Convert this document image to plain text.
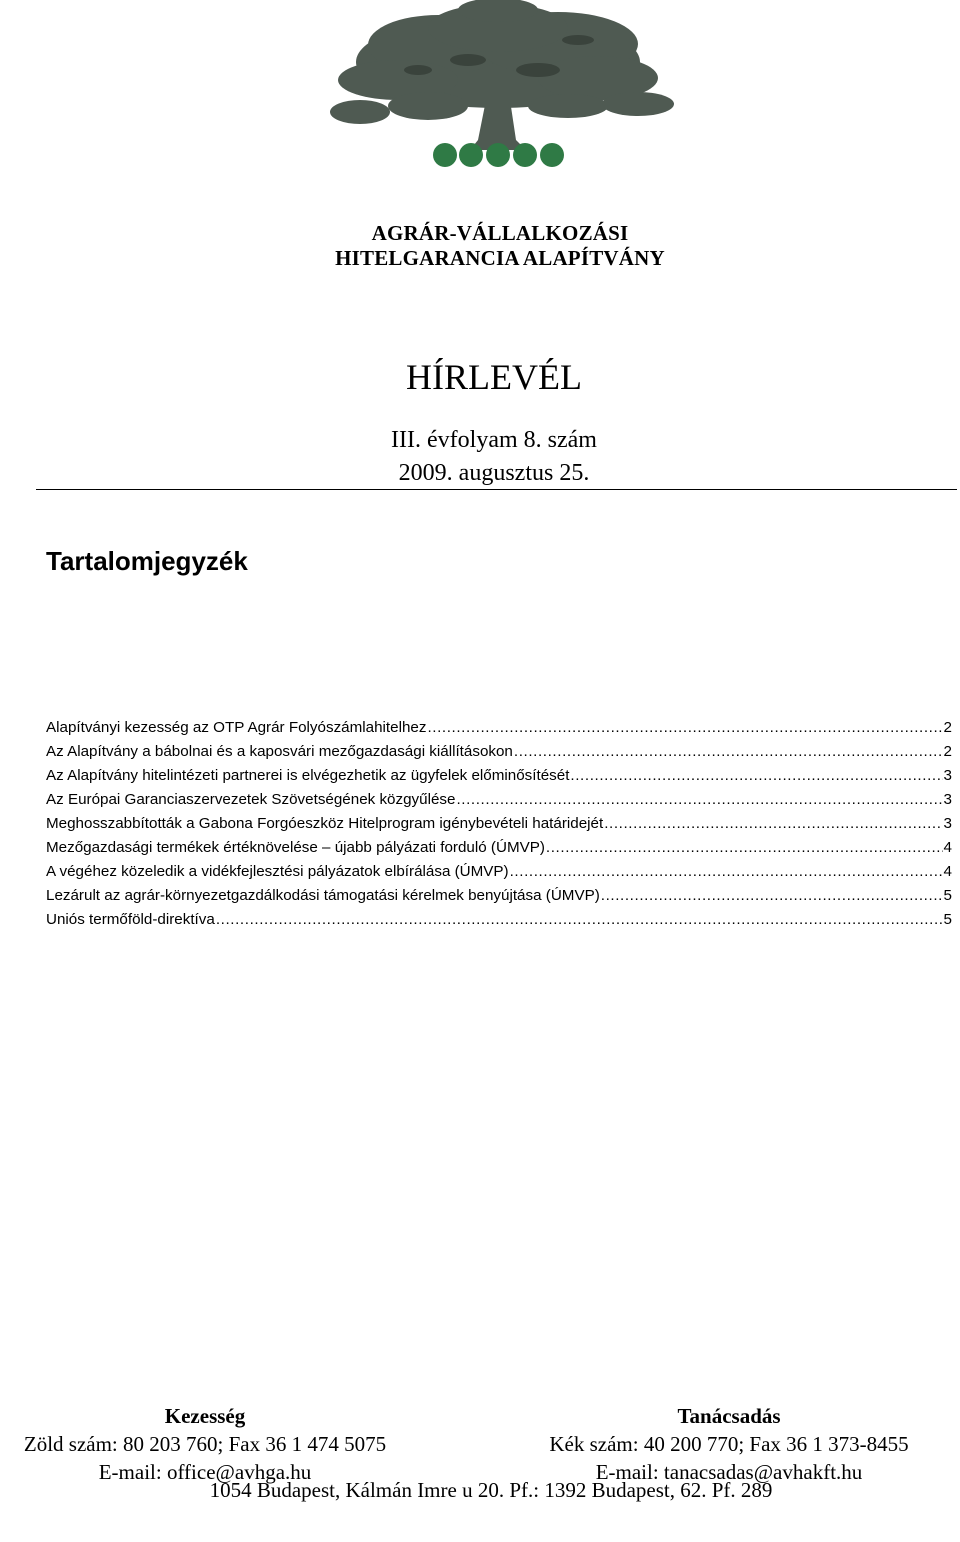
AGRÁR-VÁLLALKOZÁSI
HITELGARANCIA ALAPÍTVÁNY
HÍRLEVÉL
III. évfolyam 8. szám
2009. augusztus 25.
Tartalomjegyzék
Alapítványi kezesség az OTP Agrár Folyószámlahitelhez .....	2
Az Alapítvány a bábolnai és a kaposvári mezőgazdasági kiállításokon .....	2
Az Alapítvány hitelintézeti partnerei is elvégezhetik az ügyfelek előminősítését .....	3
Az Európai Garanciaszervezetek Szövetségének közgyűlése .....	3
Meghosszabbították a Gabona Forgóeszköz Hitelprogram igénybevételi határidejét .....	3
Mezőgazdasági termékek értéknövelése – újabb pályázati forduló (ÚMVP) .....	4
A végéhez közeledik a vidékfejlesztési pályázatok elbírálása (ÚMVP) .....	4
Lezárult az agrár-környezetgazdálkodási támogatási kérelmek benyújtása (ÚMVP) .....	5
Uniós termőföld-direktíva .....	5
Kezesség
Zöld szám: 80 203 760; Fax 36 1 474 5075
E-mail: office@avhga.hu
Tanácsadás
Kék szám: 40 200 770; Fax 36 1 373-8455
E-mail: tanacsadas@avhakft.hu
1054 Budapest, Kálmán Imre u 20. Pf.: 1392 Budapest, 62. Pf. 289
